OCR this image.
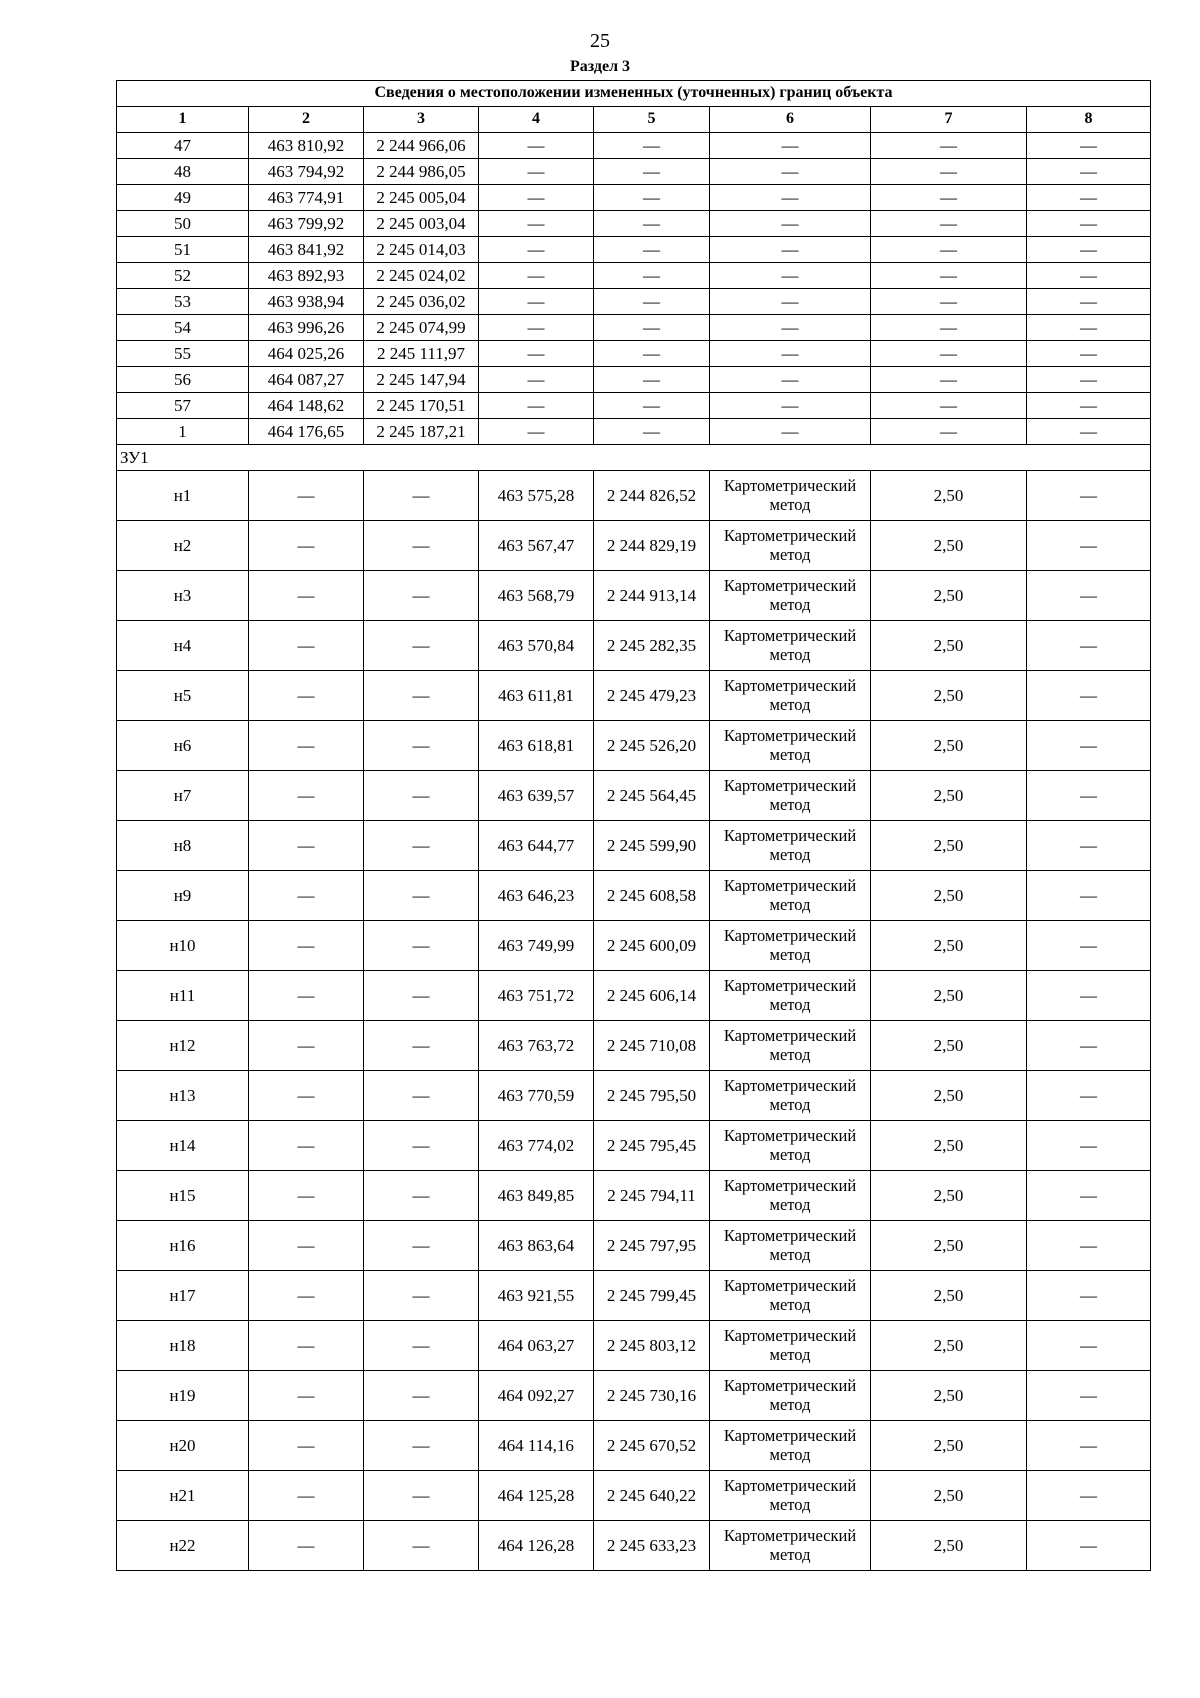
25
Раздел 3
Сведения о местоположении измененных (уточненных) границ объекта							
1	2	3	4	5	6	7	8
47	463 810,92	2 244 966,06	—	—	—	—	—
48	463 794,92	2 244 986,05	—	—	—	—	—
49	463 774,91	2 245 005,04	—	—	—	—	—
50	463 799,92	2 245 003,04	—	—	—	—	—
51	463 841,92	2 245 014,03	—	—	—	—	—
52	463 892,93	2 245 024,02	—	—	—	—	—
53	463 938,94	2 245 036,02	—	—	—	—	—
54	463 996,26	2 245 074,99	—	—	—	—	—
55	464 025,26	2 245 111,97	—	—	—	—	—
56	464 087,27	2 245 147,94	—	—	—	—	—
57	464 148,62	2 245 170,51	—	—	—	—	—
1	464 176,65	2 245 187,21	—	—	—	—	—
ЗУ1							
н1	—	—	463 575,28	2 244 826,52	Картометрический метод	2,50	—
н2	—	—	463 567,47	2 244 829,19	Картометрический метод	2,50	—
н3	—	—	463 568,79	2 244 913,14	Картометрический метод	2,50	—
н4	—	—	463 570,84	2 245 282,35	Картометрический метод	2,50	—
н5	—	—	463 611,81	2 245 479,23	Картометрический метод	2,50	—
н6	—	—	463 618,81	2 245 526,20	Картометрический метод	2,50	—
н7	—	—	463 639,57	2 245 564,45	Картометрический метод	2,50	—
н8	—	—	463 644,77	2 245 599,90	Картометрический метод	2,50	—
н9	—	—	463 646,23	2 245 608,58	Картометрический метод	2,50	—
н10	—	—	463 749,99	2 245 600,09	Картометрический метод	2,50	—
н11	—	—	463 751,72	2 245 606,14	Картометрический метод	2,50	—
н12	—	—	463 763,72	2 245 710,08	Картометрический метод	2,50	—
н13	—	—	463 770,59	2 245 795,50	Картометрический метод	2,50	—
н14	—	—	463 774,02	2 245 795,45	Картометрический метод	2,50	—
н15	—	—	463 849,85	2 245 794,11	Картометрический метод	2,50	—
н16	—	—	463 863,64	2 245 797,95	Картометрический метод	2,50	—
н17	—	—	463 921,55	2 245 799,45	Картометрический метод	2,50	—
н18	—	—	464 063,27	2 245 803,12	Картометрический метод	2,50	—
н19	—	—	464 092,27	2 245 730,16	Картометрический метод	2,50	—
н20	—	—	464 114,16	2 245 670,52	Картометрический метод	2,50	—
н21	—	—	464 125,28	2 245 640,22	Картометрический метод	2,50	—
н22	—	—	464 126,28	2 245 633,23	Картометрический метод	2,50	—
